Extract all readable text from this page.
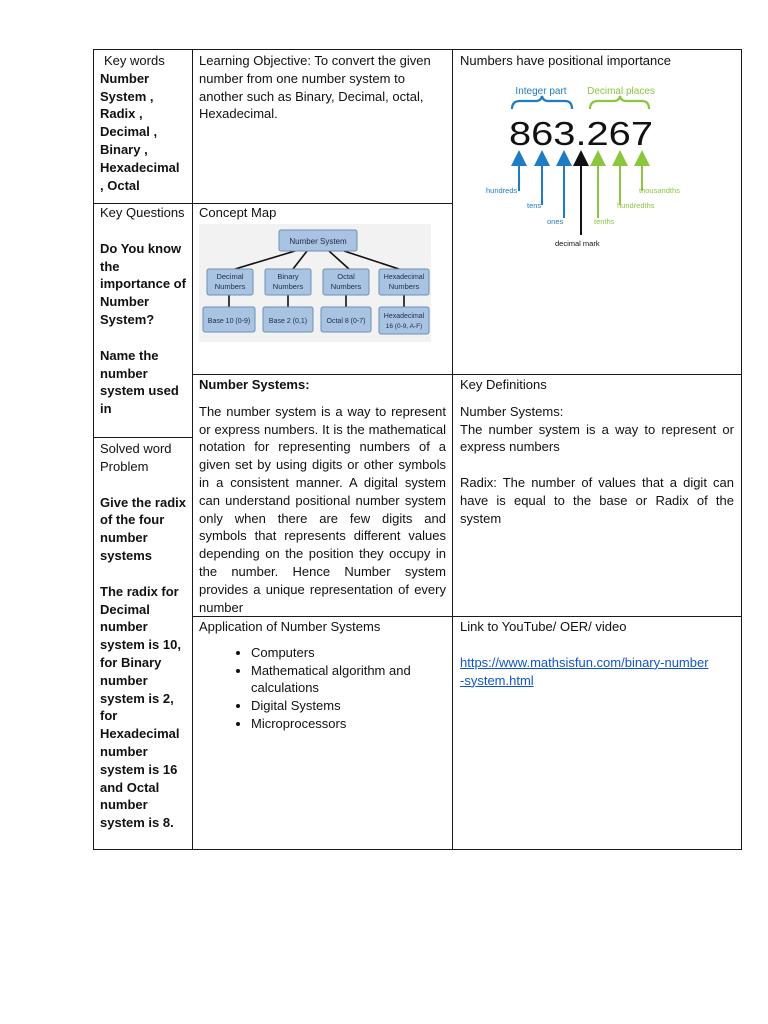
Key words

Number System , Radix , Decimal , Binary , Hexadecimal , Octal

Key Questions

Do You know the importance of Number System?

Name the number system used in

Solved word Problem

Give the radix of the four number systems

The radix for Decimal number system is 10, for Binary number system is 2, for Hexadecimal number system is 16 and Octal number system is 8.

Learning Objective: To convert the given number from one number system to another such as Binary, Decimal, octal, Hexadecimal.

Concept Map

Number System
Decimal
Numbers
Binary
Numbers
Octal
Numbers
Hexadecimal
Numbers
Base 10 (0-9)	Base 2 (0,1)	Octal 8 (0-7)
Hexadecimal
16 (0-9, A-F)

Number Systems:

The number system is a way to represent or express numbers. It is the mathematical notation for representing numbers of a given set by using digits or other symbols in a consistent manner. A digital system can understand positional number system only when there are few digits and symbols that represents different values depending on the position they occupy in the number. Hence Number system provides a unique representation of every number

Application of Number Systems

• Computers
• Mathematical algorithm and calculations
• Digital Systems
• Microprocessors

Numbers have positional importance

Integer part Decimal places
863.267
hundreds
tens
ones
decimal mark
tenths
hundredths
thousandths

Key Definitions

Number Systems:

The number system is a way to represent or express numbers

Radix: The number of values that a digit can have is equal to the base or Radix of the system

Link to YouTube/ OER/ video

https://www.mathsisfun.com/binary-number-system.html
